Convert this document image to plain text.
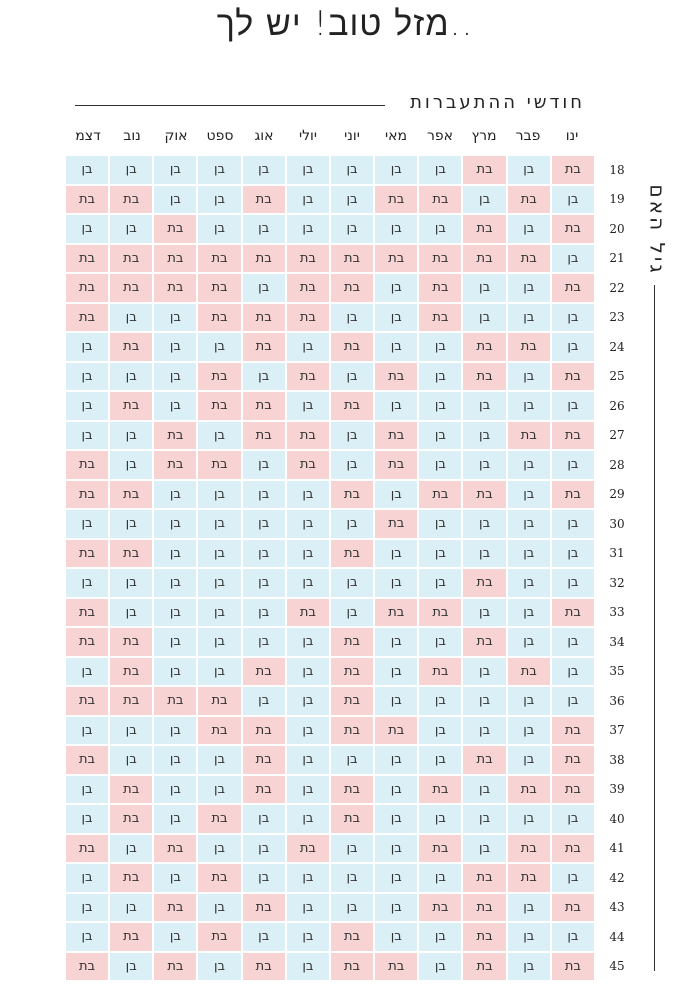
מזל טוב! יש לך..
חודשי ההתעברות
ינו
פבר
מרץ
אפר
מאי
יוני
יולי
אוג
ספט
אוק
נוב
דצמ
בת
בן
בת
בן
בן
בן
בן
בן
בן
בן
בן
בן
בן
בת
בן
בת
בת
בן
בן
בת
בן
בן
בת
בת
בת
בן
בת
בן
בן
בן
בן
בן
בן
בת
בן
בן
בן
בת
בת
בת
בת
בת
בת
בת
בת
בת
בת
בת
בת
בן
בן
בת
בן
בת
בת
בן
בת
בת
בת
בת
בן
בן
בן
בת
בן
בן
בת
בת
בת
בן
בן
בת
בן
בת
בת
בן
בן
בת
בן
בת
בן
בן
בת
בן
בת
בן
בת
בן
בת
בן
בת
בן
בת
בן
בן
בן
בן
בן
בן
בן
בן
בת
בן
בת
בת
בן
בת
בן
בת
בת
בן
בן
בת
בן
בת
בת
בן
בת
בן
בן
בן
בן
בן
בן
בת
בן
בת
בן
בת
בת
בן
בת
בת
בן
בת
בת
בן
בת
בן
בן
בן
בן
בת
בת
בן
בן
בן
בן
בת
בן
בן
בן
בן
בן
בן
בן
בן
בן
בן
בן
בן
בת
בן
בן
בן
בן
בת
בת
בן
בן
בת
בן
בן
בן
בן
בן
בן
בן
בן
בן
בת
בן
בן
בת
בת
בן
בת
בן
בן
בן
בן
בת
בן
בן
בת
בן
בן
בת
בן
בן
בן
בן
בת
בת
בן
בת
בן
בת
בן
בת
בן
בת
בן
בן
בת
בן
בן
בן
בן
בן
בן
בת
בן
בן
בת
בת
בת
בת
בת
בן
בן
בן
בת
בת
בן
בת
בת
בן
בן
בן
בת
בן
בת
בן
בן
בן
בן
בת
בן
בן
בן
בת
בת
בת
בן
בת
בן
בת
בן
בת
בן
בן
בת
בן
בן
בן
בן
בן
בן
בת
בן
בן
בת
בן
בת
בן
בת
בת
בן
בת
בן
בן
בת
בן
בן
בת
בן
בת
בן
בת
בת
בן
בן
בן
בן
בן
בת
בן
בת
בן
בת
בן
בת
בת
בן
בן
בן
בת
בן
בת
בן
בן
בן
בן
בת
בן
בן
בת
בן
בן
בת
בן
בת
בן
בת
בן
בת
בן
בת
בת
בן
בת
בן
בת
בן
בת
18
19
20
21
22
23
24
25
26
27
28
29
30
31
32
33
34
35
36
37
38
39
40
41
42
43
44
45
גיל האם
